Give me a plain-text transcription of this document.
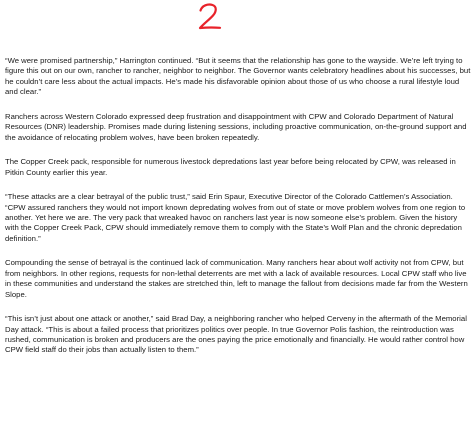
“We were promised partnership,” Harrington continued. “But it seems that the relationship has gone to the wayside. We’re left trying to figure this out on our own, rancher to rancher, neighbor to neighbor. The Governor wants celebratory headlines about his successes, but he couldn’t care less about the actual impacts. He’s made his disfavorable opinion about those of us who choose a rural lifestyle loud and clear.”

Ranchers across Western Colorado expressed deep frustration and disappointment with CPW and Colorado Department of Natural Resources (DNR) leadership. Promises made during listening sessions, including proactive communication, on-the-ground support and the avoidance of relocating problem wolves, have been broken repeatedly.

The Copper Creek pack, responsible for numerous livestock depredations last year before being relocated by CPW, was released in Pitkin County earlier this year.

“These attacks are a clear betrayal of the public trust,” said Erin Spaur, Executive Director of the Colorado Cattlemen’s Association. “CPW assured ranchers they would not import known depredating wolves from out of state or move problem wolves from one region to another. Yet here we are. The very pack that wreaked havoc on ranchers last year is now someone else’s problem. Given the history with the Copper Creek Pack, CPW should immediately remove them to comply with the State’s Wolf Plan and the chronic depredation definition.”

Compounding the sense of betrayal is the continued lack of communication. Many ranchers hear about wolf activity not from CPW, but from neighbors. In other regions, requests for non-lethal deterrents are met with a lack of available resources. Local CPW staff who live in these communities and understand the stakes are stretched thin, left to manage the fallout from decisions made far from the Western Slope.

“This isn’t just about one attack or another,” said Brad Day, a neighboring rancher who helped Cerveny in the aftermath of the Memorial Day attack. “This is about a failed process that prioritizes politics over people. In true Governor Polis fashion, the reintroduction was rushed, communication is broken and producers are the ones paying the price emotionally and financially. He would rather control how CPW field staff do their jobs than actually listen to them.”
